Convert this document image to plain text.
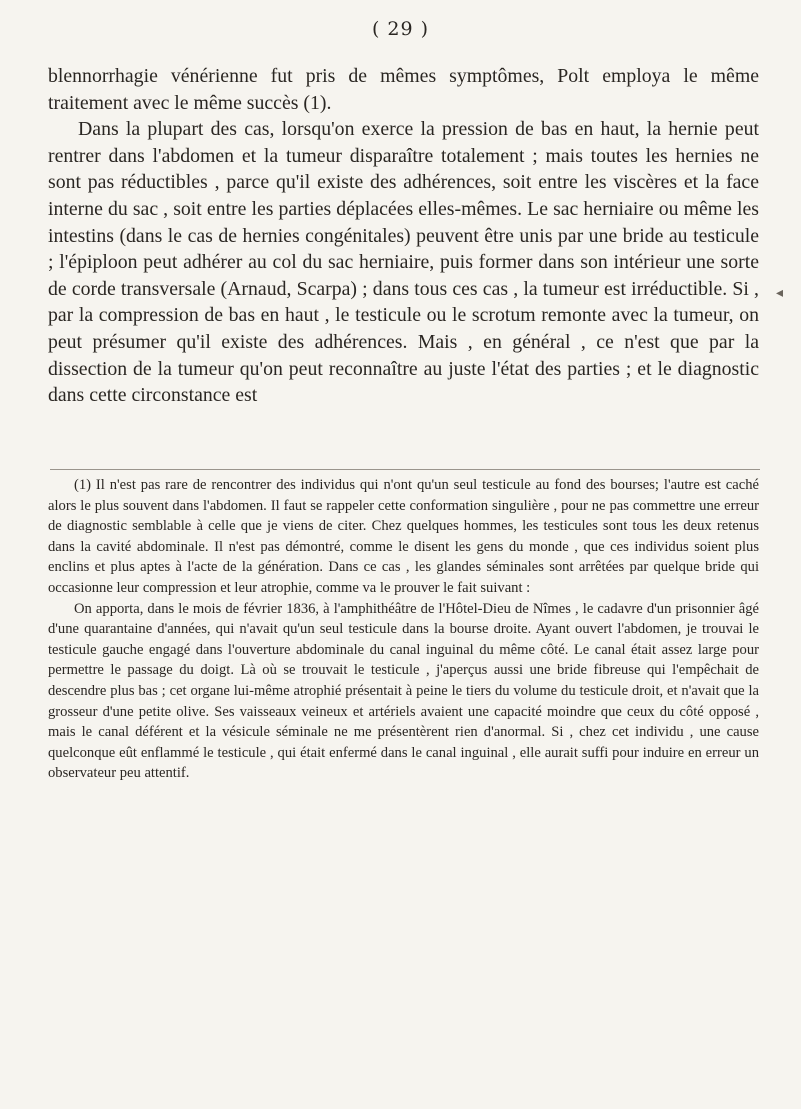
( 29 )

blennorrhagie vénérienne fut pris de mêmes symptômes, Polt employa le même traitement avec le même succès (1).

Dans la plupart des cas, lorsqu'on exerce la pression de bas en haut, la hernie peut rentrer dans l'abdomen et la tumeur disparaître totalement ; mais toutes les hernies ne sont pas réductibles , parce qu'il existe des adhérences, soit entre les viscères et la face interne du sac , soit entre les parties déplacées elles-mêmes. Le sac herniaire ou même les intestins (dans le cas de hernies congénitales) peuvent être unis par une bride au testicule ; l'épiploon peut adhérer au col du sac herniaire, puis former dans son intérieur une sorte de corde transversale (Arnaud, Scarpa) ; dans tous ces cas , la tumeur est irréductible. Si , par la compression de bas en haut , le testicule ou le scrotum remonte avec la tumeur, on peut présumer qu'il existe des adhérences. Mais , en général , ce n'est que par la dissection de la tumeur qu'on peut reconnaître au juste l'état des parties ; et le diagnostic dans cette circonstance est

◂

(1) Il n'est pas rare de rencontrer des individus qui n'ont qu'un seul testicule au fond des bourses; l'autre est caché alors le plus souvent dans l'abdomen. Il faut se rappeler cette conformation singulière , pour ne pas commettre une erreur de diagnostic semblable à celle que je viens de citer. Chez quelques hommes, les testicules sont tous les deux retenus dans la cavité abdominale. Il n'est pas démontré, comme le disent les gens du monde , que ces individus soient plus enclins et plus aptes à l'acte de la génération. Dans ce cas , les glandes séminales sont arrêtées par quelque bride qui occasionne leur compression et leur atrophie, comme va le prouver le fait suivant :

On apporta, dans le mois de février 1836, à l'amphithéâtre de l'Hôtel-Dieu de Nîmes , le cadavre d'un prisonnier âgé d'une quarantaine d'années, qui n'avait qu'un seul testicule dans la bourse droite. Ayant ouvert l'abdomen, je trouvai le testicule gauche engagé dans l'ouverture abdominale du canal inguinal du même côté. Le canal était assez large pour permettre le passage du doigt. Là où se trouvait le testicule , j'aperçus aussi une bride fibreuse qui l'empêchait de descendre plus bas ; cet organe lui-même atrophié présentait à peine le tiers du volume du testicule droit, et n'avait que la grosseur d'une petite olive. Ses vaisseaux veineux et artériels avaient une capacité moindre que ceux du côté opposé , mais le canal déférent et la vésicule séminale ne me présentèrent rien d'anormal. Si , chez cet individu , une cause quelconque eût enflammé le testicule , qui était enfermé dans le canal inguinal , elle aurait suffi pour induire en erreur un observateur peu attentif.
